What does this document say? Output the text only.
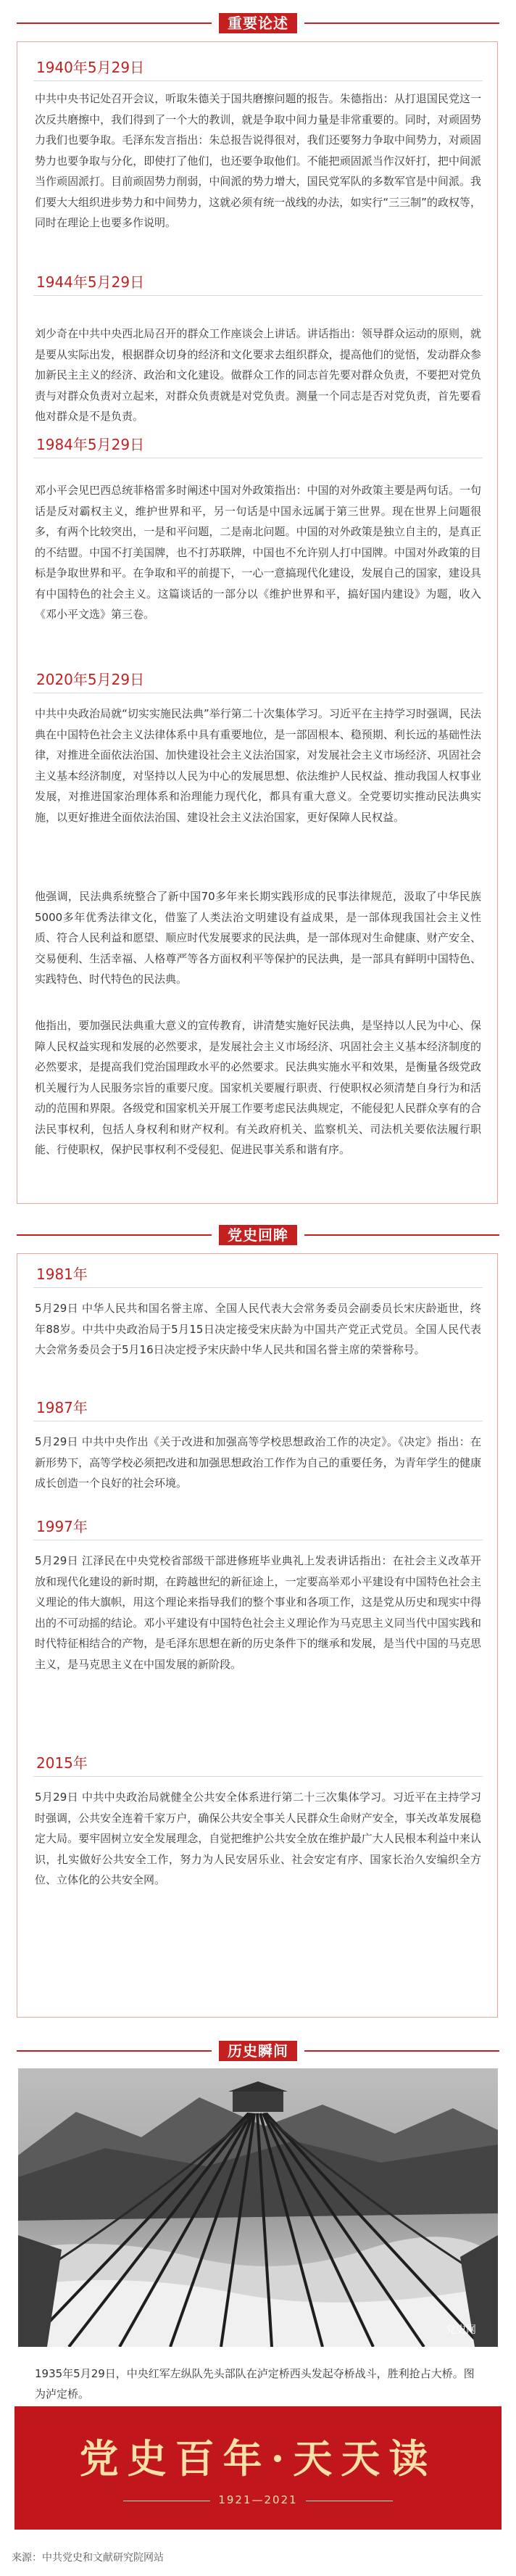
重要论述
1940年5月29日

中共中央书记处召开会议，听取朱德关于国共磨擦问题的报告。朱德指出：从打退国民党这一次反共磨擦中，我们得到了一个大的教训，就是争取中间力量是非常重要的。同时，对顽固势力我们也要争取。毛泽东发言指出：朱总报告说得很对，我们还要努力争取中间势力，对顽固势力也要争取与分化，即使打了他们，也还要争取他们。不能把顽固派当作汉奸打，把中间派当作顽固派打。目前顽固势力削弱，中间派的势力增大，国民党军队的多数军官是中间派。我们要大大组织进步势力和中间势力，这就必须有统一战线的办法，如实行“三三制”的政权等，同时在理论上也要多作说明。

1944年5月29日

刘少奇在中共中央西北局召开的群众工作座谈会上讲话。讲话指出：领导群众运动的原则，就是要从实际出发，根据群众切身的经济和文化要求去组织群众，提高他们的觉悟，发动群众参加新民主主义的经济、政治和文化建设。做群众工作的同志首先要对群众负责，不要把对党负责与对群众负责对立起来，对群众负责就是对党负责。测量一个同志是否对党负责，首先要看他对群众是不是负责。

1984年5月29日

邓小平会见巴西总统菲格雷多时阐述中国对外政策指出：中国的对外政策主要是两句话。一句话是反对霸权主义，维护世界和平，另一句话是中国永远属于第三世界。现在世界上问题很多，有两个比较突出，一是和平问题，二是南北问题。中国的对外政策是独立自主的，是真正的不结盟。中国不打美国牌，也不打苏联牌，中国也不允许别人打中国牌。中国对外政策的目标是争取世界和平。在争取和平的前提下，一心一意搞现代化建设，发展自己的国家，建设具有中国特色的社会主义。这篇谈话的一部分以《维护世界和平，搞好国内建设》为题，收入《邓小平文选》第三卷。

2020年5月29日

中共中央政治局就“切实实施民法典”举行第二十次集体学习。习近平在主持学习时强调，民法典在中国特色社会主义法律体系中具有重要地位，是一部固根本、稳预期、利长远的基础性法律，对推进全面依法治国、加快建设社会主义法治国家，对发展社会主义市场经济、巩固社会主义基本经济制度，对坚持以人民为中心的发展思想、依法维护人民权益、推动我国人权事业发展，对推进国家治理体系和治理能力现代化，都具有重大意义。全党要切实推动民法典实施，以更好推进全面依法治国、建设社会主义法治国家，更好保障人民权益。

他强调，民法典系统整合了新中国70多年来长期实践形成的民事法律规范，汲取了中华民族5000多年优秀法律文化，借鉴了人类法治文明建设有益成果，是一部体现我国社会主义性质、符合人民利益和愿望、顺应时代发展要求的民法典，是一部体现对生命健康、财产安全、交易便利、生活幸福、人格尊严等各方面权利平等保护的民法典，是一部具有鲜明中国特色、实践特色、时代特色的民法典。

他指出，要加强民法典重大意义的宣传教育，讲清楚实施好民法典，是坚持以人民为中心、保障人民权益实现和发展的必然要求，是发展社会主义市场经济、巩固社会主义基本经济制度的必然要求，是提高我们党治国理政水平的必然要求。民法典实施水平和效果，是衡量各级党政机关履行为人民服务宗旨的重要尺度。国家机关要履行职责、行使职权必须清楚自身行为和活动的范围和界限。各级党和国家机关开展工作要考虑民法典规定，不能侵犯人民群众享有的合法民事权利，包括人身权利和财产权利。有关政府机关、监察机关、司法机关要依法履行职能、行使职权，保护民事权利不受侵犯、促进民事关系和谐有序。

党史回眸
1981年

5月29日 中华人民共和国名誉主席、全国人民代表大会常务委员会副委员长宋庆龄逝世，终年88岁。中共中央政治局于5月15日决定接受宋庆龄为中国共产党正式党员。全国人民代表大会常务委员会于5月16日决定授予宋庆龄中华人民共和国名誉主席的荣誉称号。

1987年

5月29日 中共中央作出《关于改进和加强高等学校思想政治工作的决定》。《决定》指出：在新形势下，高等学校必须把改进和加强思想政治工作作为自己的重要任务，为青年学生的健康成长创造一个良好的社会环境。

1997年

5月29日 江泽民在中央党校省部级干部进修班毕业典礼上发表讲话指出：在社会主义改革开放和现代化建设的新时期，在跨越世纪的新征途上，一定要高举邓小平建设有中国特色社会主义理论的伟大旗帜，用这个理论来指导我们的整个事业和各项工作，这是党从历史和现实中得出的不可动摇的结论。邓小平建设有中国特色社会主义理论作为马克思主义同当代中国实践和时代特征相结合的产物，是毛泽东思想在新的历史条件下的继承和发展，是当代中国的马克思主义，是马克思主义在中国发展的新阶段。

2015年

5月29日 中共中央政治局就健全公共安全体系进行第二十三次集体学习。习近平在主持学习时强调，公共安全连着千家万户，确保公共安全事关人民群众生命财产安全，事关改革发展稳定大局。要牢固树立安全发展理念，自觉把维护公共安全放在维护最广大人民根本利益中来认识，扎实做好公共安全工作，努力为人民安居乐业、社会安定有序、国家长治久安编织全方位、立体化的公共安全网。

历史瞬间
党史网

1935年5月29日，中央红军左纵队先头部队在泸定桥西头发起夺桥战斗，胜利抢占大桥。图为泸定桥。

党史百年·天天读
1921—2021
来源：中共党史和文献研究院网站
